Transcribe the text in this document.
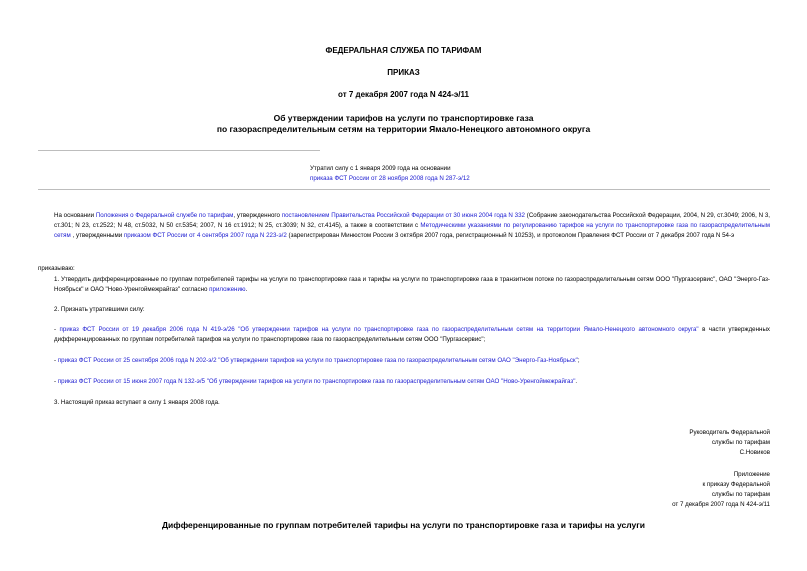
ФЕДЕРАЛЬНАЯ СЛУЖБА ПО ТАРИФАМ
ПРИКАЗ
от 7 декабря 2007 года N 424-э/11
Об утверждении тарифов на услуги по транспортировке газа
по газораспределительным сетям на территории Ямало-Ненецкого автономного округа
Утратил силу с 1 января 2009 года на основании
приказа ФСТ России от 28 ноября 2008 года N 287-э/12
На основании Положения о Федеральной службе по тарифам, утвержденного постановлением Правительства Российской Федерации от 30 июня 2004 года N 332 (Собрание законодательства Российской Федерации, 2004, N 29, ст.3049; 2006, N 3, ст.301; N 23, ст.2522; N 48, ст.5032, N 50 ст.5354; 2007, N 16 ст.1912; N 25, ст.3039; N 32, ст.4145), а также в соответствии с Методическими указаниями по регулированию тарифов на услуги по транспортировке газа по газораспределительным сетям , утвержденными приказом ФСТ России от 4 сентября 2007 года N 223-э/2 (зарегистрирован Минюстом России 3 октября 2007 года, регистрационный N 10253), и протоколом Правления ФСТ России от 7 декабря 2007 года N 54-э
приказываю:
1. Утвердить дифференцированные по группам потребителей тарифы на услуги по транспортировке газа и тарифы на услуги по транспортировке газа в транзитном потоке по газораспределительным сетям ООО "Пургазсервис", ОАО "Энерго-Газ-Ноябрьск" и ОАО "Ново-Уренгоймежрайгаз" согласно приложению.
2. Признать утратившими силу:
- приказ ФСТ России от 19 декабря 2006 года N 419-э/26 "Об утверждении тарифов на услуги по транспортировке газа по газораспределительным сетям на территории Ямало-Ненецкого автономного округа" в части утвержденных дифференцированных по группам потребителей тарифов на услуги по транспортировке газа по газораспределительным сетям ООО "Пургазсервис";
- приказ ФСТ России от 25 сентября 2006 года N 202-э/2 "Об утверждении тарифов на услуги по транспортировке газа по газораспределительным сетям ОАО "Энерго-Газ-Ноябрьск";
- приказ ФСТ России от 15 июня 2007 года N 132-э/5 "Об утверждении тарифов на услуги по транспортировке газа по газораспределительным сетям ОАО "Ново-Уренгоймежрайгаз".
3. Настоящий приказ вступает в силу 1 января 2008 года.
Руководитель Федеральной
службы по тарифам
С.Новиков
Приложение
к приказу Федеральной
службы по тарифам
от 7 декабря 2007 года N 424-э/11
Дифференцированные по группам потребителей тарифы на услуги по транспортировке газа и тарифы на услуги
